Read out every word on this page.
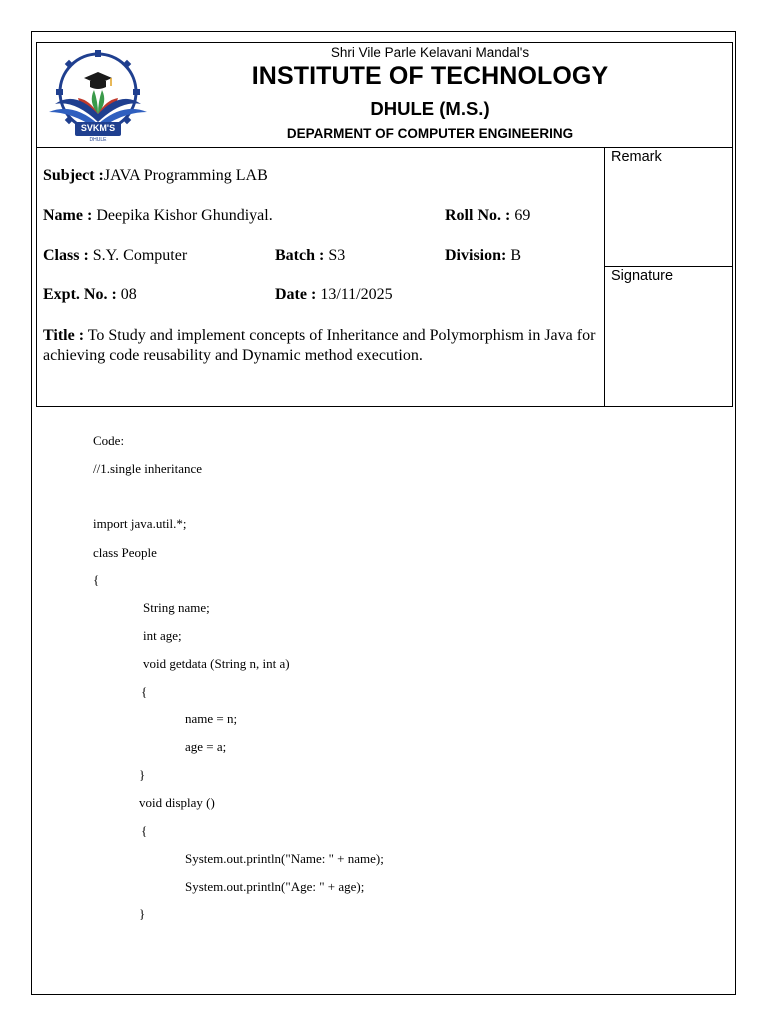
SVKM'S
DHULE
Shri Vile Parle Kelavani Mandal's
INSTITUTE OF TECHNOLOGY
DHULE (M.S.)
DEPARMENT OF COMPUTER ENGINEERING
Remark
Signature
Subject :JAVA Programming LAB
Name : Deepika Kishor Ghundiyal.	Roll No. : 69
Class : S.Y. Computer	Batch : S3	Division: B
Expt. No. : 08	Date : 13/11/2025
Title : To Study and implement concepts of Inheritance and Polymorphism in Java for achieving code reusability and Dynamic method execution.
Code:
//1.single inheritance
import java.util.*;
class People
{
String name;
int age;
void getdata (String n, int a)
{
name = n;
age = a;
}
void display ()
{
System.out.println("Name: " + name);
System.out.println("Age: " + age);
}
